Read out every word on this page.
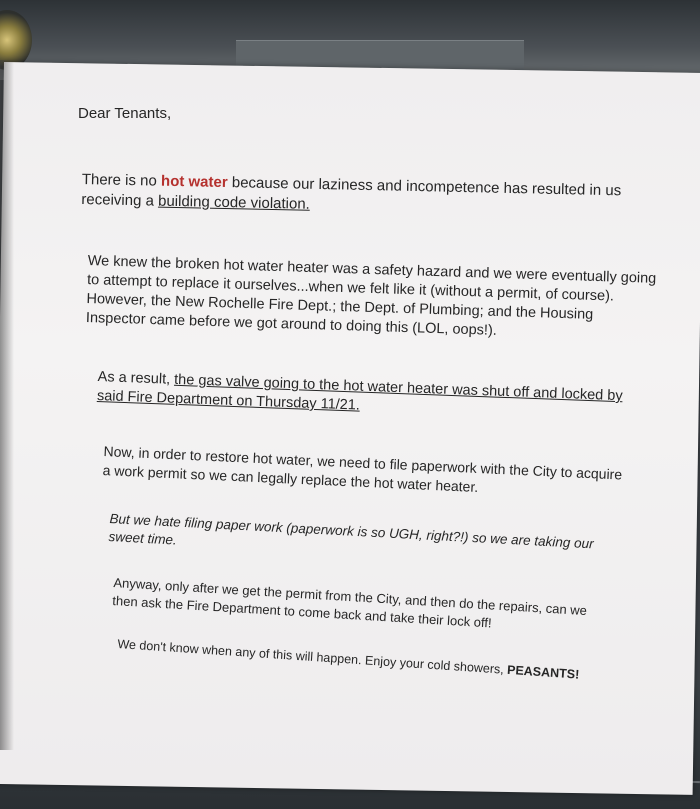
Dear Tenants,

There is no hot water because our laziness and incompetence has resulted in us receiving a building code violation.

We knew the broken hot water heater was a safety hazard and we were eventually going to attempt to replace it ourselves...when we felt like it (without a permit, of course). However, the New Rochelle Fire Dept.; the Dept. of Plumbing; and the Housing Inspector came before we got around to doing this (LOL, oops!).

As a result, the gas valve going to the hot water heater was shut off and locked by said Fire Department on Thursday 11/21.

Now, in order to restore hot water, we need to file paperwork with the City to acquire a work permit so we can legally replace the hot water heater.

But we hate filing paper work (paperwork is so UGH, right?!) so we are taking our sweet time.

Anyway, only after we get the permit from the City, and then do the repairs, can we then ask the Fire Department to come back and take their lock off!

We don't know when any of this will happen. Enjoy your cold showers, PEASANTS!
